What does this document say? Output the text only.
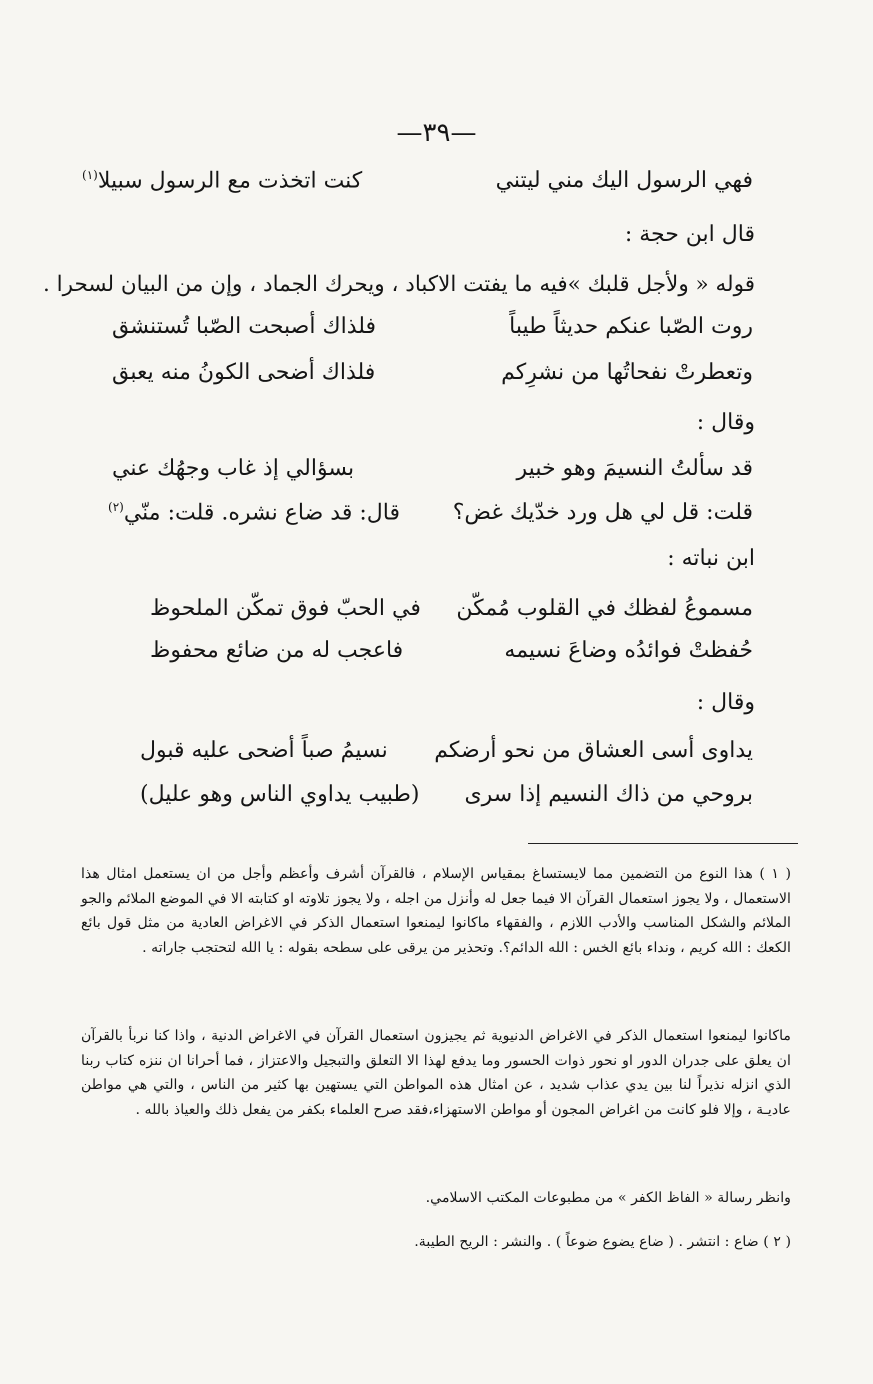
—٣٩—
فهي الرسول اليك مني ليتني
كنت اتخذت مع الرسول سبيلا$^{(١)}$
قال ابن حجة :
قوله « ولأجل قلبك »فيه ما يفتت الاكباد ، ويحرك الجماد ، وإن من البيان لسحرا .
روت الصّبا عنكم حديثاً طيباً
فلذاك أصبحت الصّبا تُستنشق
وتعطرتْ نفحاتُها من نشرِكم
فلذاك أضحى الكونُ منه يعبق
وقال :
قد سألتُ النسيمَ وهو خبير
بسؤالي إذ غاب وجهُك عني
قلت: قل لي هل ورد خدّيك غض؟
قال: قد ضاع نشره. قلت: منّي$^{(٢)}$
ابن نباته :
مسموعُ لفظك في القلوب مُمكّن
في الحبّ فوق تمكّن الملحوظ
حُفظتْ فوائدُه وضاعَ نسيمه
فاعجب له من ضائع محفوظ
وقال :
يداوى أسى العشاق من نحو أرضكم
نسيمُ صباً أضحى عليه قبول
بروحي من ذاك النسيم إذا سرى
(طبيب يداوي الناس وهو عليل)
( ١ ) هذا النوع من التضمين مما لايستساغ بمقياس الإسلام ، فالقرآن أشرف وأعظم وأجل من ان يستعمل امثال هذا الاستعمال ، ولا يجوز استعمال القرآن الا فيما جعل له وأنزل من اجله ، ولا يجوز تلاوته او كتابته الا في الموضع الملائم والجو الملائم والشكل المناسب والأدب اللازم ، والفقهاء ماكانوا ليمنعوا استعمال الذكر في الاغراض العادية من مثل قول بائع الكعك : الله كريم ، ونداء بائع الخس : الله الدائم؟. وتحذير من يرقى على سطحه بقوله : يا الله لتحتجب جاراته .
ماكانوا ليمنعوا استعمال الذكر في الاغراض الدنيوية ثم يجيزون استعمال القرآن في الاغراض الدنية ، واذا كنا نربأ بالقرآن ان يعلق على جدران الدور او نحور ذوات الحسور وما يدفع لهذا الا التعلق والتبجيل والاعتزاز ، فما أحرانا ان ننزه كتاب ربنا الذي انزله نذيراً لنا بين يدي عذاب شديد ، عن امثال هذه المواطن التي يستهين بها كثير من الناس ، والتي هي مواطن عاديـة ، وإلا فلو كانت من اغراض المجون أو مواطن الاستهزاء،فقد صرح العلماء بكفر من يفعل ذلك والعياذ بالله .
وانظر رسالة « الفاظ الكفر » من مطبوعات المكتب الاسلامي.
( ٢ ) ضاع : انتشر . ( ضاع يضوع ضوعاً ) . والنشر : الريح الطيبة.
